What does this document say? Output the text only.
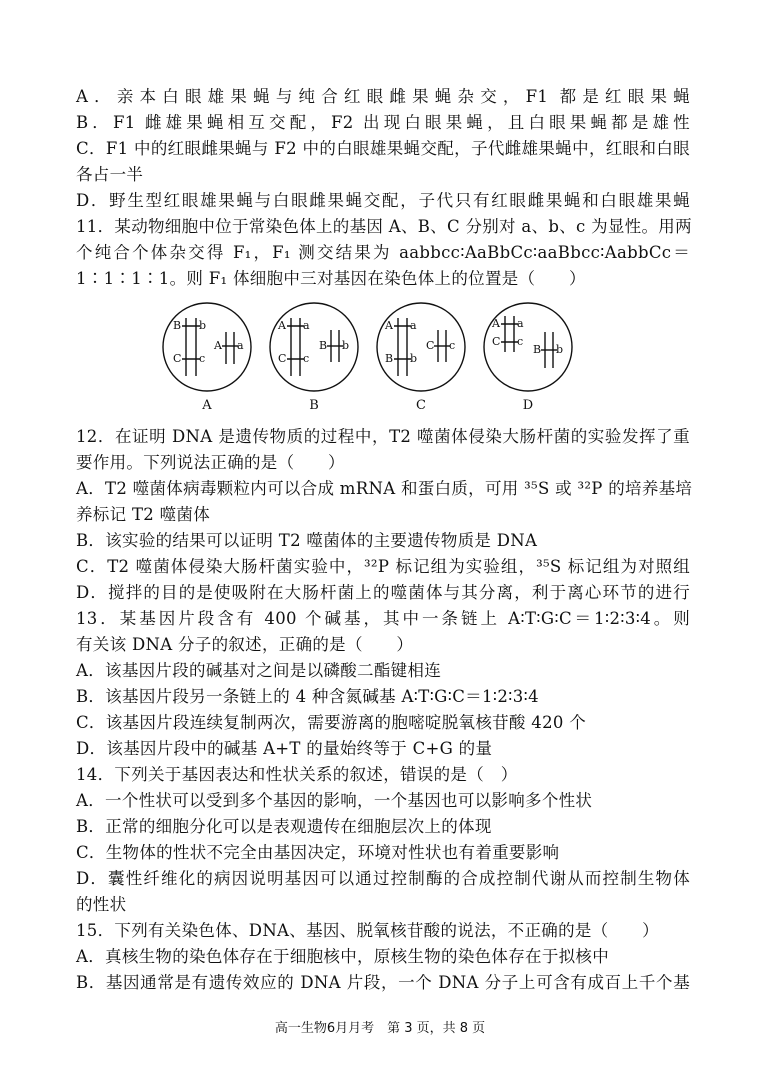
A．亲本白眼雄果蝇与纯合红眼雌果蝇杂交，F1 都是红眼果蝇
B．F1 雌雄果蝇相互交配，F2 出现白眼果蝇，且白眼果蝇都是雄性
C．F1 中的红眼雌果蝇与 F2 中的白眼雄果蝇交配，子代雌雄果蝇中，红眼和白眼
各占一半
D．野生型红眼雄果蝇与白眼雌果蝇交配，子代只有红眼雌果蝇和白眼雄果蝇
11．某动物细胞中位于常染色体上的基因 A、B、C 分别对 a、b、c 为显性。用两
个纯合个体杂交得 F₁，F₁ 测交结果为 aabbcc∶AaBbCc∶aaBbcc∶AabbCc＝
1∶1∶1∶1。则 F₁ 体细胞中三对基因在染色体上的位置是（　　）
B b
C c
A a
A
A a
C c
B b
B
A a
B b
C c
C
A a
C c
B b
D
12．在证明 DNA 是遗传物质的过程中，T2 噬菌体侵染大肠杆菌的实验发挥了重
要作用。下列说法正确的是（　　）
A．T2 噬菌体病毒颗粒内可以合成 mRNA 和蛋白质，可用 ³⁵S 或 ³²P 的培养基培
养标记 T2 噬菌体
B．该实验的结果可以证明 T2 噬菌体的主要遗传物质是 DNA
C．T2 噬菌体侵染大肠杆菌实验中，³²P 标记组为实验组，³⁵S 标记组为对照组
D．搅拌的目的是使吸附在大肠杆菌上的噬菌体与其分离，利于离心环节的进行
13．某基因片段含有 400 个碱基，其中一条链上 A∶T∶G∶C＝1∶2∶3∶4。则
有关该 DNA 分子的叙述，正确的是（　　）
A．该基因片段的碱基对之间是以磷酸二酯键相连
B．该基因片段另一条链上的 4 种含氮碱基 A∶T∶G∶C＝1∶2∶3∶4
C．该基因片段连续复制两次，需要游离的胞嘧啶脱氧核苷酸 420 个
D．该基因片段中的碱基 A+T 的量始终等于 C+G 的量
14．下列关于基因表达和性状关系的叙述，错误的是（　）
A．一个性状可以受到多个基因的影响，一个基因也可以影响多个性状
B．正常的细胞分化可以是表观遗传在细胞层次上的体现
C．生物体的性状不完全由基因决定，环境对性状也有着重要影响
D．囊性纤维化的病因说明基因可以通过控制酶的合成控制代谢从而控制生物体
的性状
15．下列有关染色体、DNA、基因、脱氧核苷酸的说法，不正确的是（　　）
A．真核生物的染色体存在于细胞核中，原核生物的染色体存在于拟核中
B．基因通常是有遗传效应的 DNA 片段，一个 DNA 分子上可含有成百上千个基
高一生物6月月考　第 3 页，共 8 页
